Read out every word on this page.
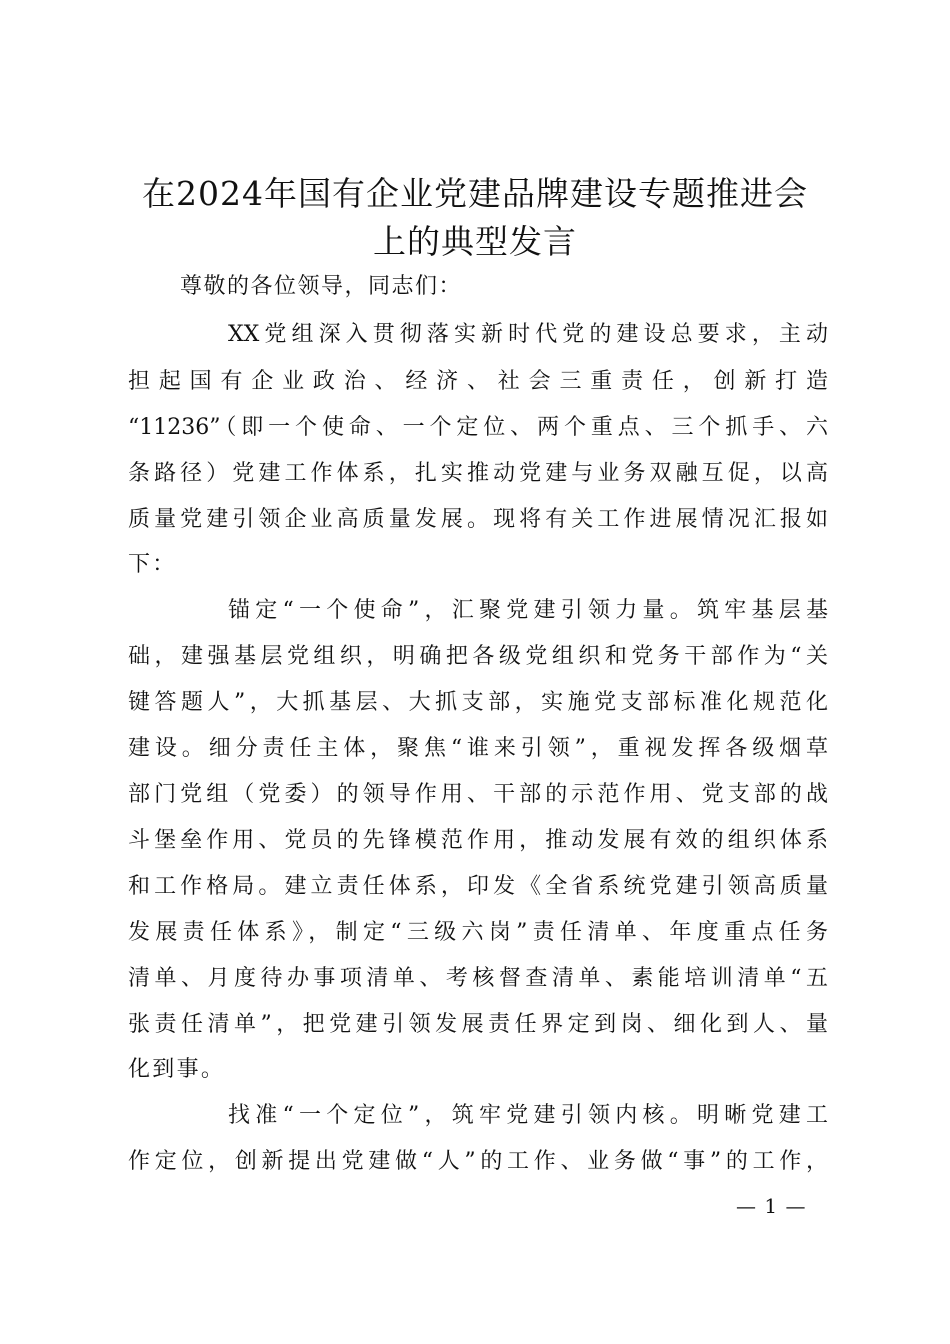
在2024年国有企业党建品牌建设专题推进会
上的典型发言
尊敬的各位领导，同志们：
XX党组深入贯彻落实新时代党的建设总要求，主动
担起国有企业政治、经济、社会三重责任，创新打造
“11236”（即一个使命、一个定位、两个重点、三个抓手、六
条路径）党建工作体系，扎实推动党建与业务双融互促，以高
质量党建引领企业高质量发展。现将有关工作进展情况汇报如
下：
锚定“一个使命”，汇聚党建引领力量。筑牢基层基
础，建强基层党组织，明确把各级党组织和党务干部作为“关
键答题人”，大抓基层、大抓支部，实施党支部标准化规范化
建设。细分责任主体，聚焦“谁来引领”，重视发挥各级烟草
部门党组（党委）的领导作用、干部的示范作用、党支部的战
斗堡垒作用、党员的先锋模范作用，推动发展有效的组织体系
和工作格局。建立责任体系，印发《全省系统党建引领高质量
发展责任体系》，制定“三级六岗”责任清单、年度重点任务
清单、月度待办事项清单、考核督查清单、素能培训清单“五
张责任清单”，把党建引领发展责任界定到岗、细化到人、量
化到事。
找准“一个定位”，筑牢党建引领内核。明晰党建工
作定位，创新提出党建做“人”的工作、业务做“事”的工作，
— 1 —
